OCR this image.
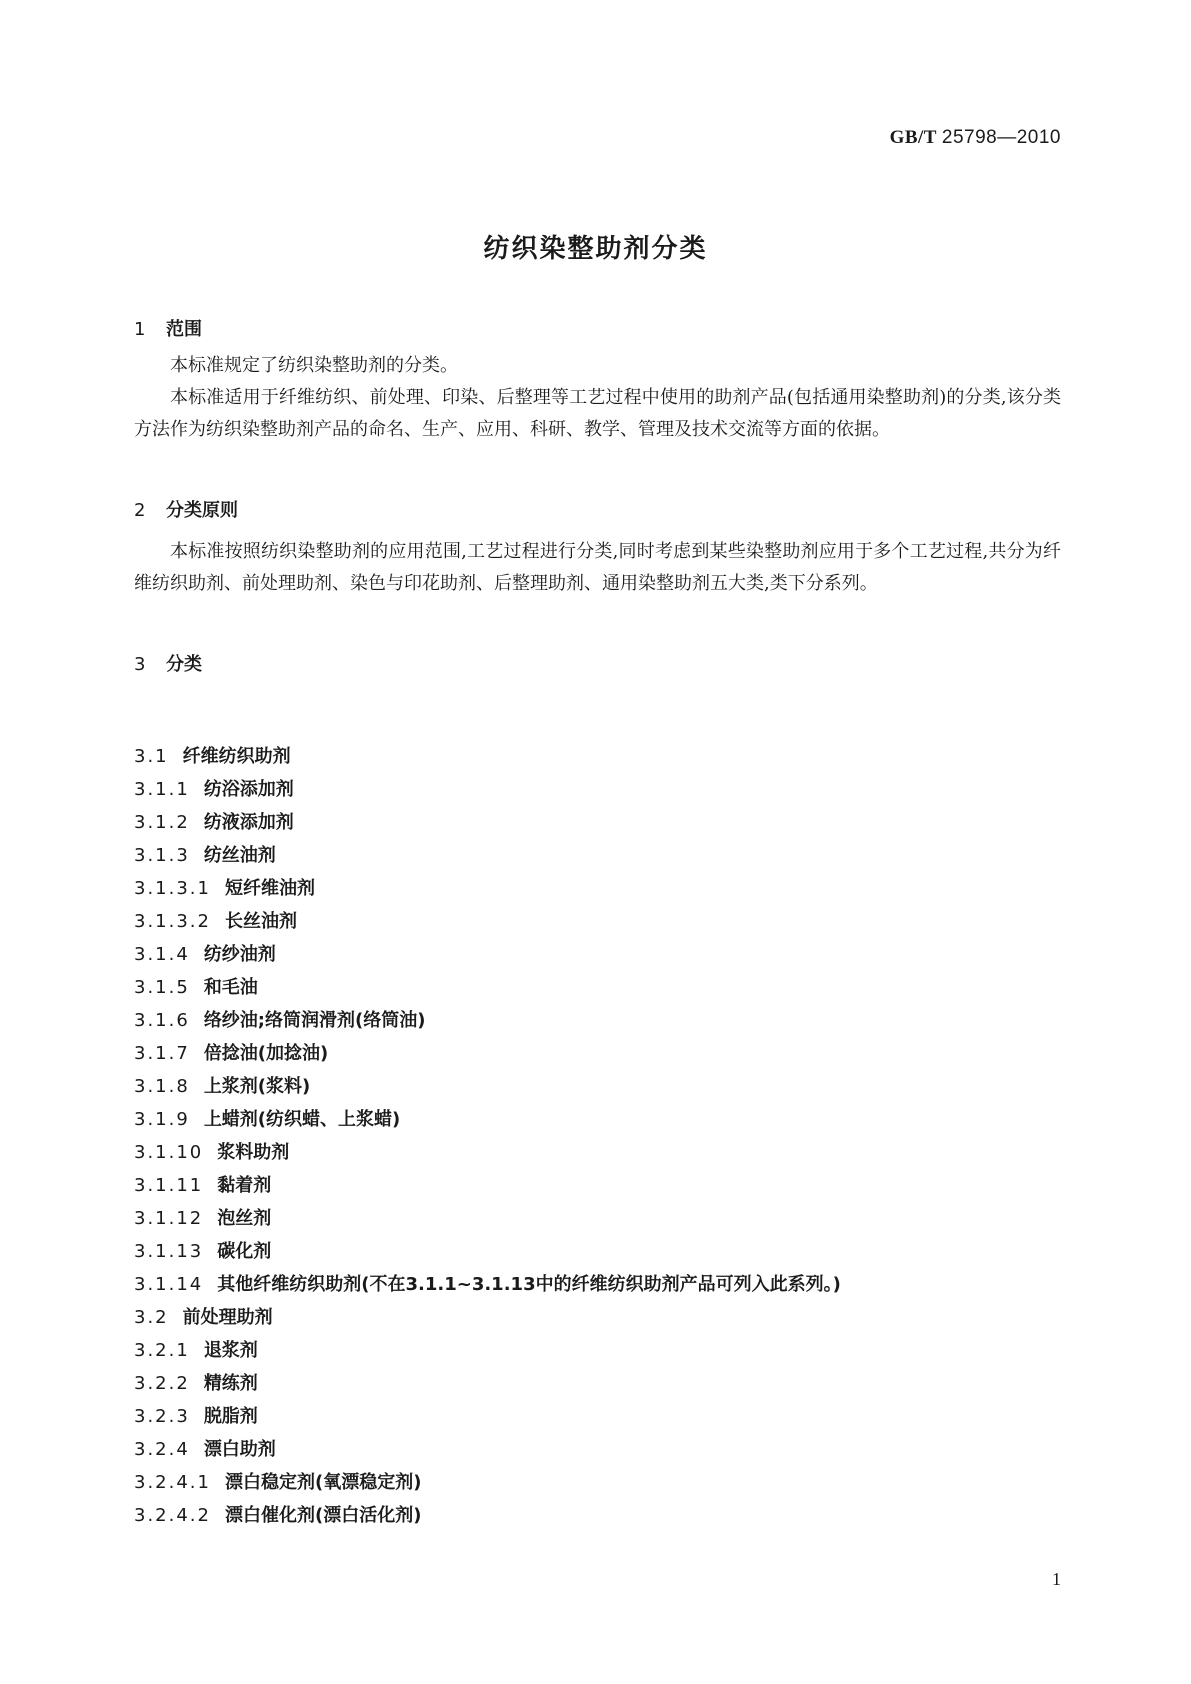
GB/T 25798—2010
纺织染整助剂分类
1 范围
本标准规定了纺织染整助剂的分类。
本标准适用于纤维纺织、前处理、印染、后整理等工艺过程中使用的助剂产品(包括通用染整助剂)的分类,该分类方法作为纺织染整助剂产品的命名、生产、应用、科研、教学、管理及技术交流等方面的依据。
2 分类原则
本标准按照纺织染整助剂的应用范围,工艺过程进行分类,同时考虑到某些染整助剂应用于多个工艺过程,共分为纤维纺织助剂、前处理助剂、染色与印花助剂、后整理助剂、通用染整助剂五大类,类下分系列。
3 分类
3.1 纤维纺织助剂
3.1.1 纺浴添加剂
3.1.2 纺液添加剂
3.1.3 纺丝油剂
3.1.3.1 短纤维油剂
3.1.3.2 长丝油剂
3.1.4 纺纱油剂
3.1.5 和毛油
3.1.6 络纱油;络筒润滑剂(络筒油)
3.1.7 倍捻油(加捻油)
3.1.8 上浆剂(浆料)
3.1.9 上蜡剂(纺织蜡、上浆蜡)
3.1.10 浆料助剂
3.1.11 黏着剂
3.1.12 泡丝剂
3.1.13 碳化剂
3.1.14 其他纤维纺织助剂(不在3.1.1~3.1.13中的纤维纺织助剂产品可列入此系列。)
3.2 前处理助剂
3.2.1 退浆剂
3.2.2 精练剂
3.2.3 脱脂剂
3.2.4 漂白助剂
3.2.4.1 漂白稳定剂(氧漂稳定剂)
3.2.4.2 漂白催化剂(漂白活化剂)
1
